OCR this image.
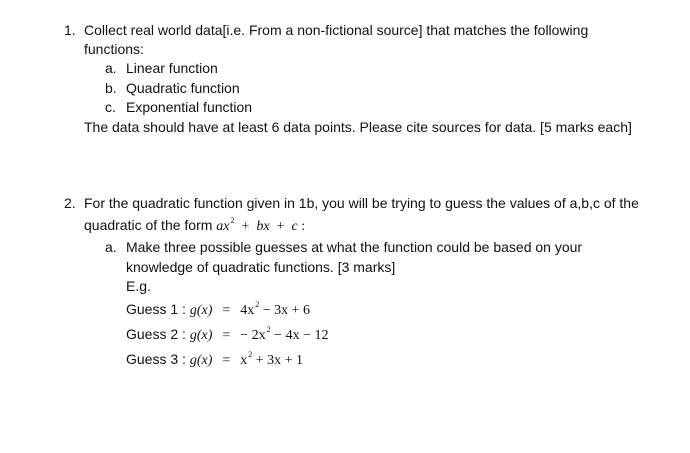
1. Collect real world data[i.e. From a non-fictional source] that matches the following
functions:
a. Linear function
b. Quadratic function
c. Exponential function
The data should have at least 6 data points. Please cite sources for data. [5 marks each]
2. For the quadratic function given in 1b, you will be trying to guess the values of a,b,c of the
quadratic of the form $ax^2$ + bx + c :
a. Make three possible guesses at what the function could be based on your
knowledge of quadratic functions. [3 marks]
E.g.
Guess 1 : $g(x) = 4x^2 - 3x + 6$
Guess 2 : g(x) = − $2x^2 - 4x - 12$
Guess 3 : $g(x) = x^2 + 3x + 1$
